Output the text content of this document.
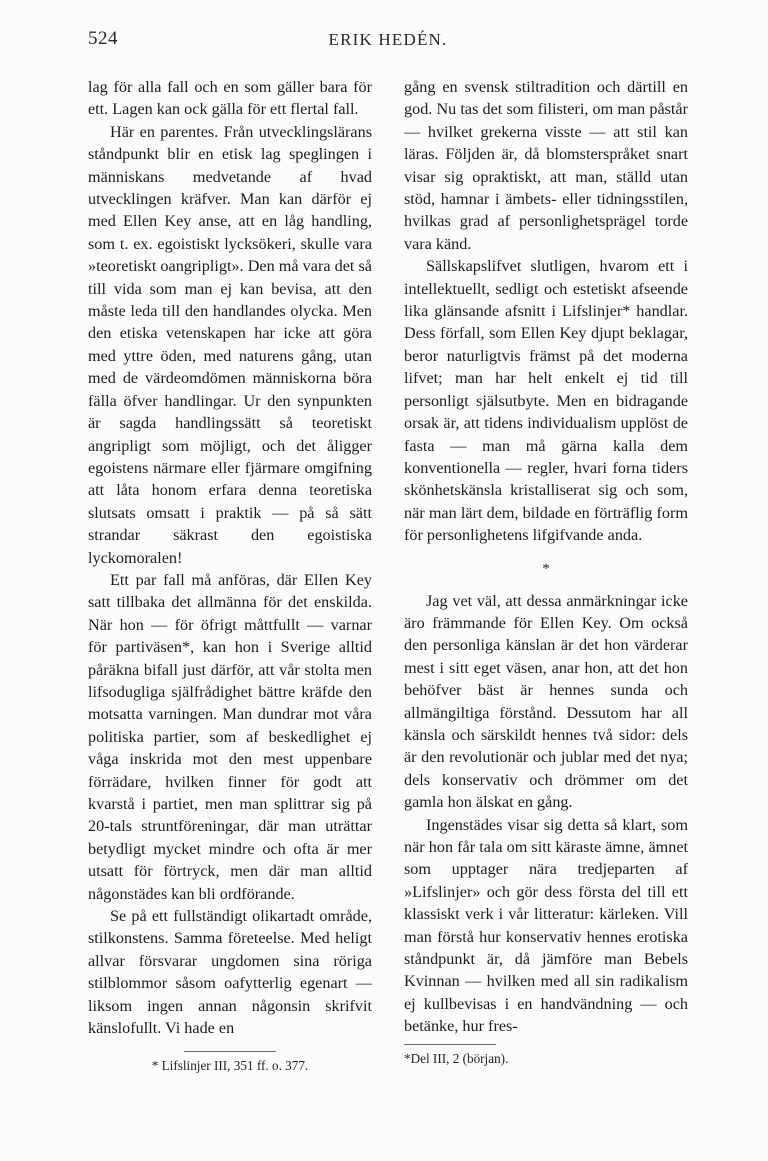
524	ERIK HEDÉN.

lag för alla fall och en som gäller bara för ett. Lagen kan ock gälla för ett flertal fall.

Här en parentes. Från utvecklingslärans ståndpunkt blir en etisk lag speglingen i människans medvetande af hvad utvecklingen kräfver. Man kan därför ej med Ellen Key anse, att en låg handling, som t. ex. egoistiskt lycksökeri, skulle vara »teoretiskt oangripligt». Den må vara det så till vida som man ej kan bevisa, att den måste leda till den handlandes olycka. Men den etiska vetenskapen har icke att göra med yttre öden, med naturens gång, utan med de värdeomdömen människorna böra fälla öfver handlingar. Ur den synpunkten är sagda handlingssätt så teoretiskt angripligt som möjligt, och det åligger egoistens närmare eller fjärmare omgifning att låta honom erfara denna teoretiska slutsats omsatt i praktik — på så sätt strandar säkrast den egoistiska lyckomoralen!

Ett par fall må anföras, där Ellen Key satt tillbaka det allmänna för det enskilda. När hon — för öfrigt måttfullt — varnar för partiväsen*, kan hon i Sverige alltid påräkna bifall just därför, att vår stolta men lifsodugliga själfrådighet bättre kräfde den motsatta varningen. Man dundrar mot våra politiska partier, som af beskedlighet ej våga inskrida mot den mest uppenbare förrädare, hvilken finner för godt att kvarstå i partiet, men man splittrar sig på 20-tals struntföreningar, där man uträttar betydligt mycket mindre och ofta är mer utsatt för förtryck, men där man alltid någonstädes kan bli ordförande.

Se på ett fullständigt olikartadt område, stilkonstens. Samma företeelse. Med heligt allvar försvarar ungdomen sina röriga stilblommor såsom oafytterlig egenart — liksom ingen annan någonsin skrifvit känslofullt. Vi hade en

gång en svensk stiltradition och därtill en god. Nu tas det som filisteri, om man påstår — hvilket grekerna visste — att stil kan läras. Följden är, då blomsterspråket snart visar sig opraktiskt, att man, ställd utan stöd, hamnar i ämbets- eller tidningsstilen, hvilkas grad af personlighetsprägel torde vara känd.

Sällskapslifvet slutligen, hvarom ett i intellektuellt, sedligt och estetiskt afseende lika glänsande afsnitt i Lifslinjer* handlar. Dess förfall, som Ellen Key djupt beklagar, beror naturligtvis främst på det moderna lifvet; man har helt enkelt ej tid till personligt själsutbyte. Men en bidragande orsak är, att tidens individualism upplöst de fasta — man må gärna kalla dem konventionella — regler, hvari forna tiders skönhetskänsla kristalliserat sig och som, när man lärt dem, bildade en förträflig form för personlighetens lifgifvande anda.

*

Jag vet väl, att dessa anmärkningar icke äro främmande för Ellen Key. Om också den personliga känslan är det hon värderar mest i sitt eget väsen, anar hon, att det hon behöfver bäst är hennes sunda och allmängiltiga förstånd. Dessutom har all känsla och särskildt hennes två sidor: dels är den revolutionär och jublar med det nya; dels konservativ och drömmer om det gamla hon älskat en gång.

Ingenstädes visar sig detta så klart, som när hon får tala om sitt käraste ämne, ämnet som upptager nära tredjeparten af »Lifslinjer» och gör dess första del till ett klassiskt verk i vår litteratur: kärleken. Vill man förstå hur konservativ hennes erotiska ståndpunkt är, då jämföre man Bebels Kvinnan — hvilken med all sin radikalism ej kullbevisas i en handvändning — och betänke, hur fres-

* Lifslinjer III, 351 ff. o. 377.	*Del III, 2 (början).
